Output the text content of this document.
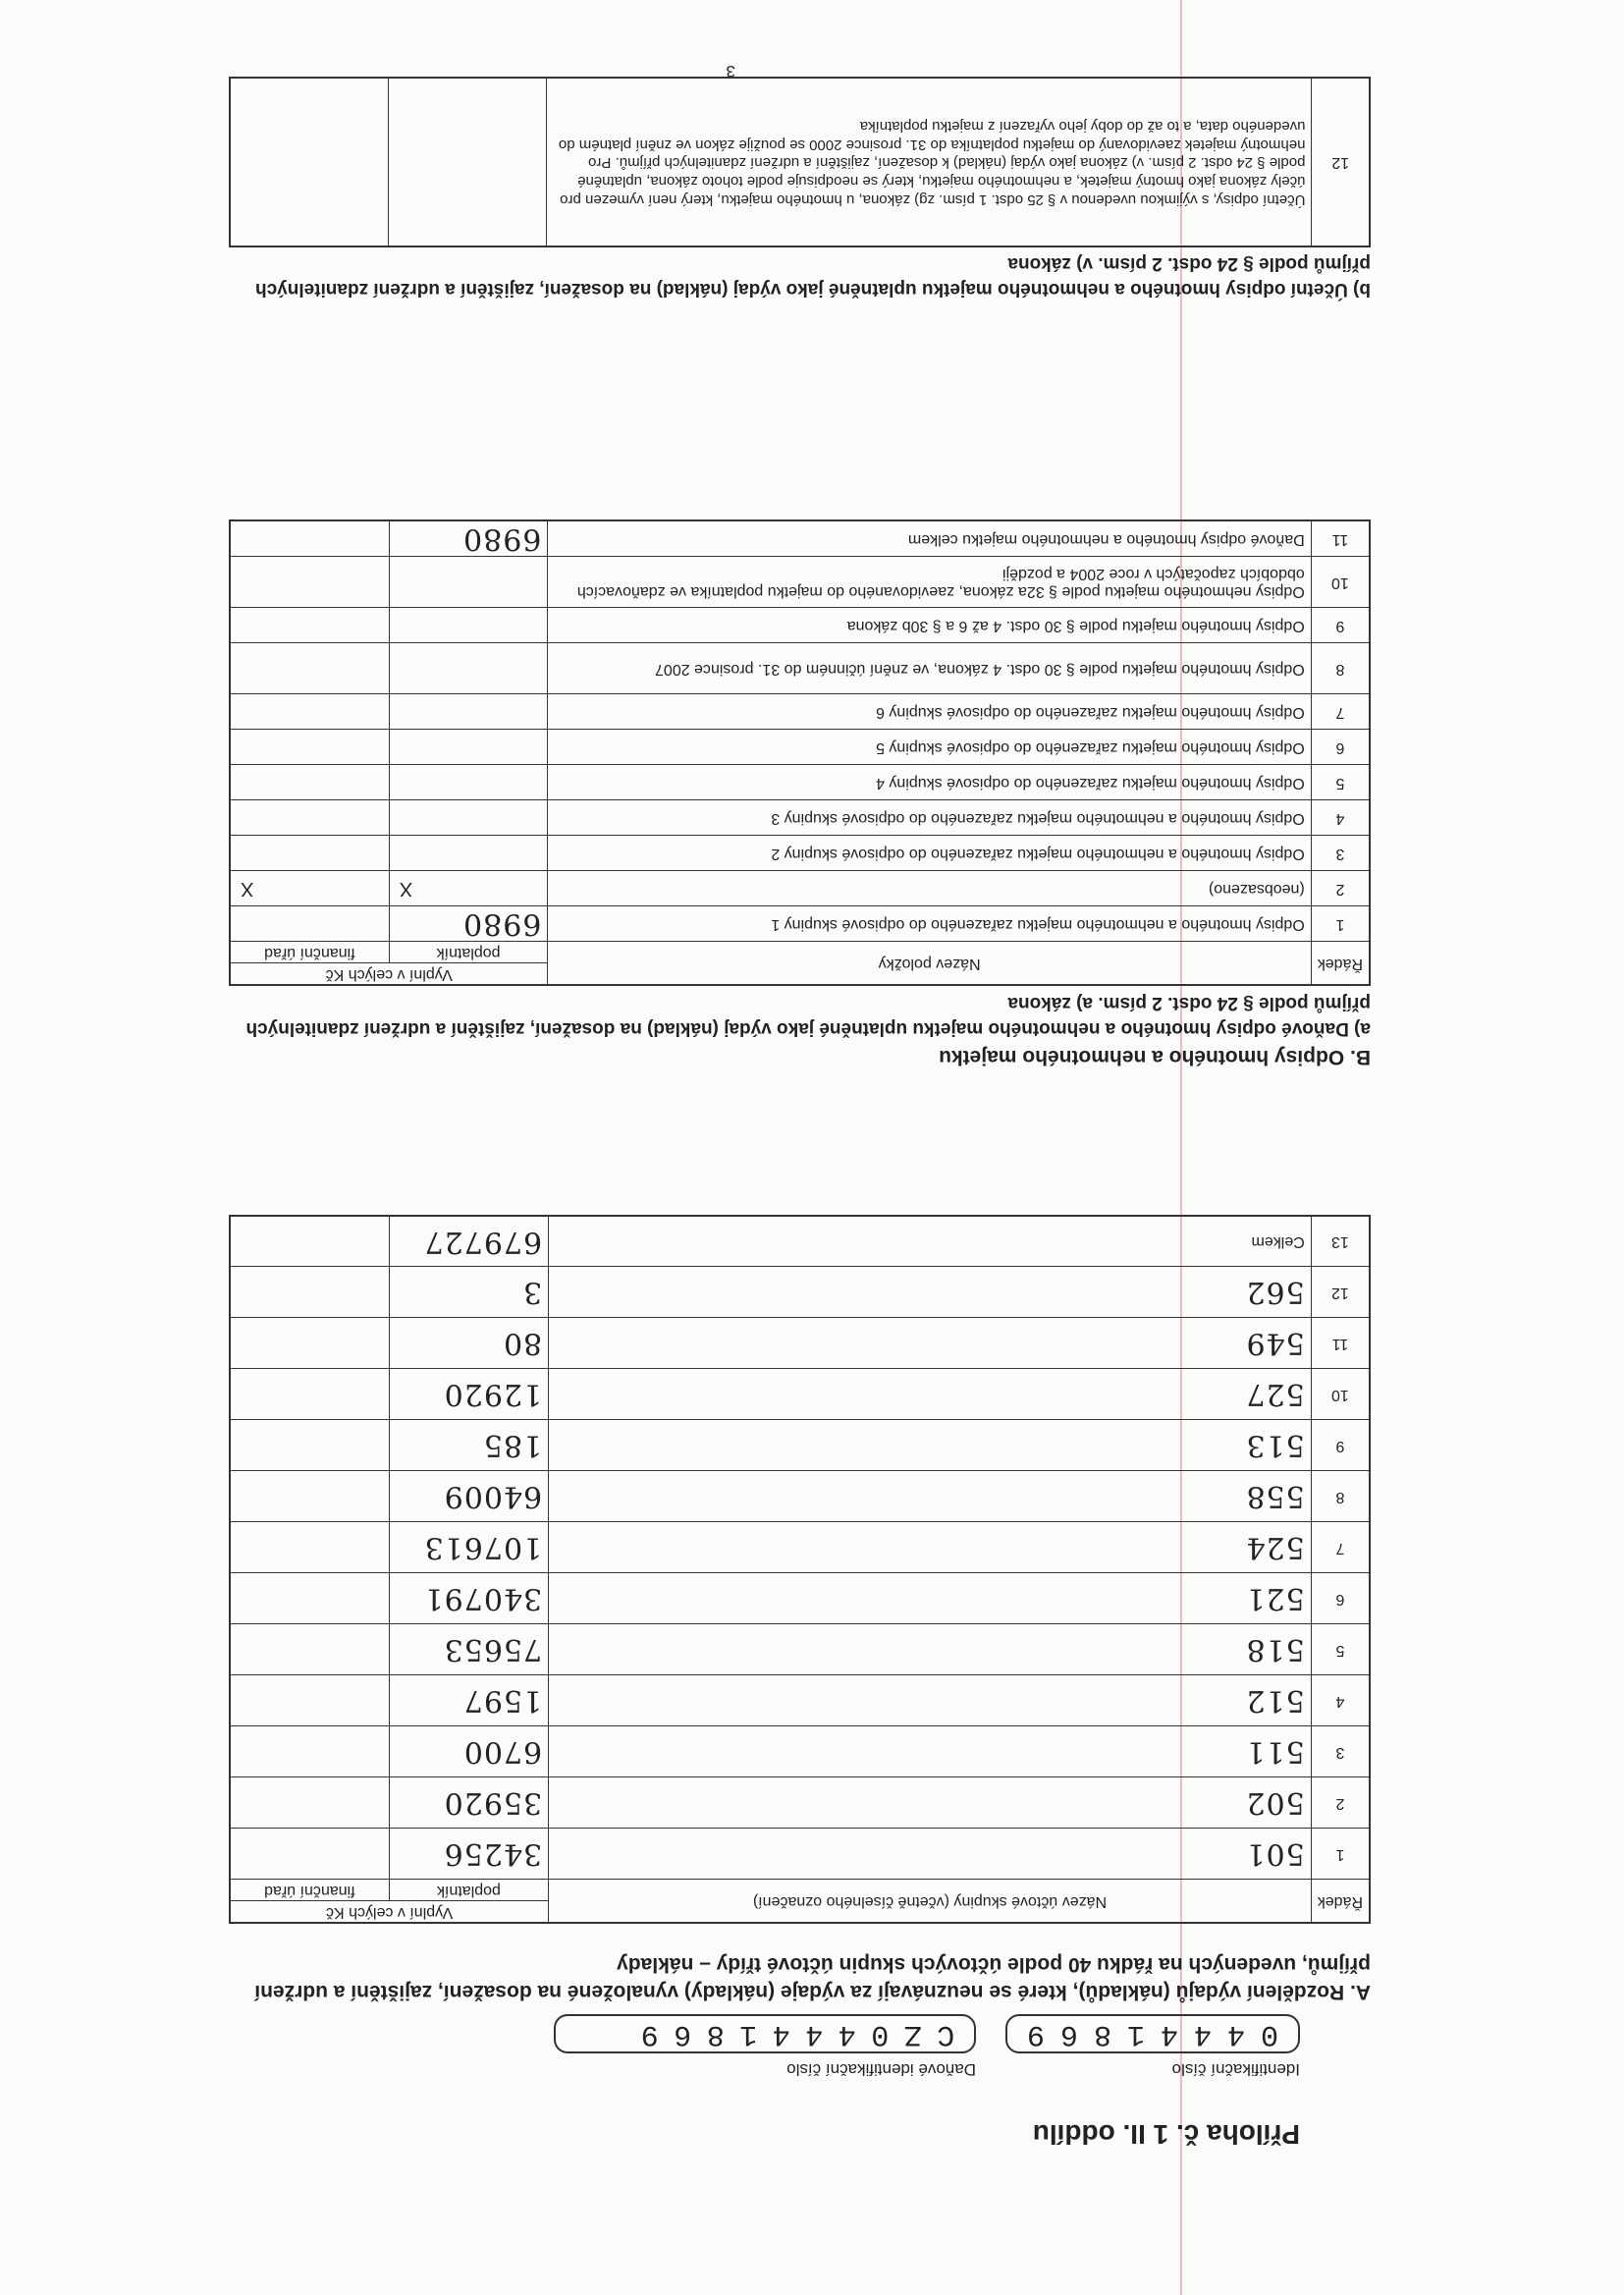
Příloha č. 1 II. oddílu
Identifikační číslo
0
4
4
4
1
8
6
9
Daňové identifikační číslo
C
Z
0
4
4
4
1
8
6
9
A. Rozdělení výdajů (nákladů), které se neuznávají za výdaje (náklady) vynaložené na dosažení, zajištění a udržení příjmů, uvedených na řádku 40 podle účtových skupin účtové třídy – náklady
Řádek	Název účtové skupiny (včetně číselného označení)	Vyplní v celých Kč	
		poplatník	finanční úřad
1	501	34256	
2	502	35920	
3	511	6700	
4	512	1597	
5	518	75653	
6	521	340791	
7	524	107613	
8	558	64009	
9	513	185	
10	527	12920	
11	549	80	
12	562	3	
13	Celkem	679727	
B. Odpisy hmotného a nehmotného majetku
a) Daňové odpisy hmotného a nehmotného majetku uplatněné jako výdaj (náklad) na dosažení, zajištění a udržení zdanitelných příjmů podle § 24 odst. 2 písm. a) zákona
Řádek	Název položky	Vyplní v celých Kč	
		poplatník	finanční úřad
1	Odpisy hmotného a nehmotného majetku zařazeného do odpisové skupiny 1	6980	
2	(neobsazeno)	X	X
3	Odpisy hmotného a nehmotného majetku zařazeného do odpisové skupiny 2		
4	Odpisy hmotného a nehmotného majetku zařazeného do odpisové skupiny 3		
5	Odpisy hmotného majetku zařazeného do odpisové skupiny 4		
6	Odpisy hmotného majetku zařazeného do odpisové skupiny 5		
7	Odpisy hmotného majetku zařazeného do odpisové skupiny 6		
8	Odpisy hmotného majetku podle § 30 odst. 4 zákona, ve znění účinném do 31. prosince 2007		
9	Odpisy hmotného majetku podle § 30 odst. 4 až 6 a § 30b zákona		
10	Odpisy nehmotného majetku podle § 32a zákona, zaevidovaného do majetku poplatníka ve zdaňovacích obdobích započatých v roce 2004 a později		
11	Daňové odpisy hmotného a nehmotného majetku celkem	6980	
b) Účetní odpisy hmotného a nehmotného majetku uplatněné jako výdaj (náklad) na dosažení, zajištění a udržení zdanitelných příjmů podle § 24 odst. 2 písm. v) zákona
12	Účetní odpisy, s výjimkou uvedenou v § 25 odst. 1 písm. zg) zákona, u hmotného majetku, který není vymezen pro účely zákona jako hmotný majetek, a nehmotného majetku, který se neodpisuje podle tohoto zákona, uplatněné podle § 24 odst. 2 písm. v) zákona jako výdaj (náklad) k dosažení, zajištění a udržení zdanitelných příjmů. Pro nehmotný majetek zaevidovaný do majetku poplatníka do 31. prosince 2000 se použije zákon ve znění platném do uvedeného data, a to až do doby jeho vyřazení z majetku poplatníka		
3
